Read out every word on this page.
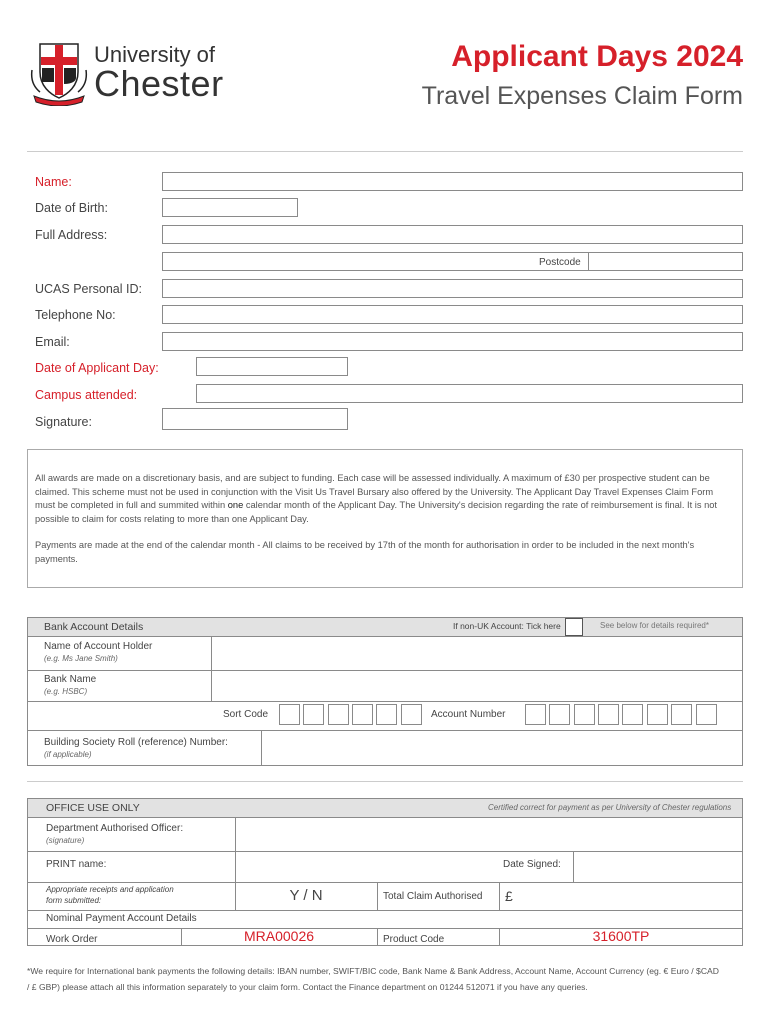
University of
Chester
Applicant Days 2024
Travel Expenses Claim Form
Name:
Date of Birth:
Full Address:
Postcode
UCAS Personal ID:
Telephone No:
Email:
Date of Applicant Day:
Campus attended:
Signature:

All awards are made on a discretionary basis, and are subject to funding. Each case will be assessed individually. A maximum of £30 per prospective student can be claimed. This scheme must not be used in conjunction with the Visit Us Travel Bursary also offered by the University. The Applicant Day Travel Expenses Claim Form must be completed in full and summited within one calendar month of the Applicant Day. The University's decision regarding the rate of reimbursement is final. It is not possible to claim for costs relating to more than one Applicant Day.

Payments are made at the end of the calendar month - All claims to be received by 17th of the month for authorisation in order to be included in the next month's payments.

Bank Account Details	If non-UK Account: Tick here	See below for details required*
Name of Account Holder
(e.g. Ms Jane Smith)
Bank Name
(e.g. HSBC)
Sort Code	Account Number
Building Society Roll (reference) Number:
(if applicable)
OFFICE USE ONLY	Certified correct for payment as per University of Chester regulations
Department Authorised Officer:
(signature)
PRINT name:	Date Signed:
Appropriate receipts and application
form submitted:	Y / N	Total Claim Authorised £
Nominal Payment Account Details
Work Order	MRA00026	Product Code	31600TP
*We require for International bank payments the following details: IBAN number, SWIFT/BIC code, Bank Name & Bank Address, Account Name, Account Currency (eg. € Euro / $CAD
/ £ GBP) please attach all this information separately to your claim form. Contact the Finance department on 01244 512071 if you have any queries.
